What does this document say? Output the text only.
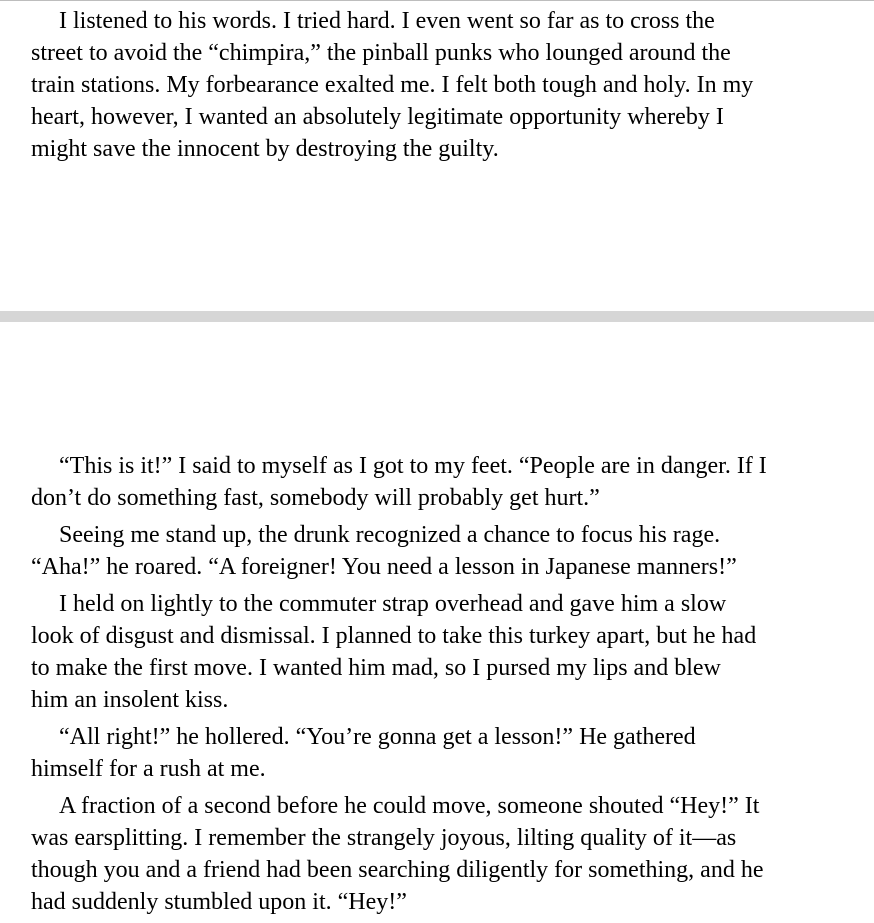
I listened to his words. I tried hard. I even went so far as to cross the
street to avoid the “chimpira,” the pinball punks who lounged around the
train stations. My forbearance exalted me. I felt both tough and holy. In my
heart, however, I wanted an absolutely legitimate opportunity whereby I
might save the innocent by destroying the guilty.

“This is it!” I said to myself as I got to my feet. “People are in danger. If I
don’t do something fast, somebody will probably get hurt.”

Seeing me stand up, the drunk recognized a chance to focus his rage.
“Aha!” he roared. “A foreigner! You need a lesson in Japanese manners!”

I held on lightly to the commuter strap overhead and gave him a slow
look of disgust and dismissal. I planned to take this turkey apart, but he had
to make the first move. I wanted him mad, so I pursed my lips and blew
him an insolent kiss.

“All right!” he hollered. “You’re gonna get a lesson!” He gathered
himself for a rush at me.

A fraction of a second before he could move, someone shouted “Hey!” It
was earsplitting. I remember the strangely joyous, lilting quality of it—as
though you and a friend had been searching diligently for something, and he
had suddenly stumbled upon it. “Hey!”
